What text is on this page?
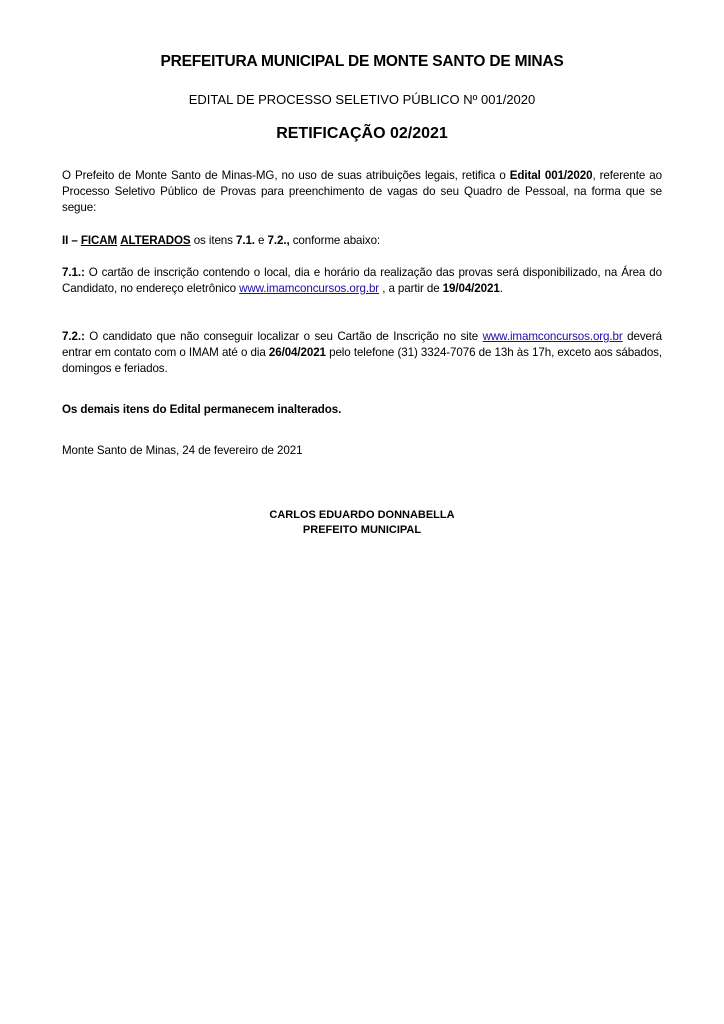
PREFEITURA MUNICIPAL DE MONTE SANTO DE MINAS
EDITAL DE PROCESSO SELETIVO PÚBLICO Nº 001/2020
RETIFICAÇÃO 02/2021
O Prefeito de Monte Santo de Minas-MG, no uso de suas atribuições legais, retifica o Edital 001/2020, referente ao Processo Seletivo Público de Provas para preenchimento de vagas do seu Quadro de Pessoal, na forma que se segue:
II – FICAM ALTERADOS os itens 7.1. e 7.2., conforme abaixo:
7.1.: O cartão de inscrição contendo o local, dia e horário da realização das provas será disponibilizado, na Área do Candidato, no endereço eletrônico www.imamconcursos.org.br , a partir de 19/04/2021.
7.2.: O candidato que não conseguir localizar o seu Cartão de Inscrição no site www.imamconcursos.org.br deverá entrar em contato com o IMAM até o dia 26/04/2021 pelo telefone (31) 3324-7076 de 13h às 17h, exceto aos sábados, domingos e feriados.
Os demais itens do Edital permanecem inalterados.
Monte Santo de Minas, 24 de fevereiro de 2021
CARLOS EDUARDO DONNABELLA
PREFEITO MUNICIPAL
